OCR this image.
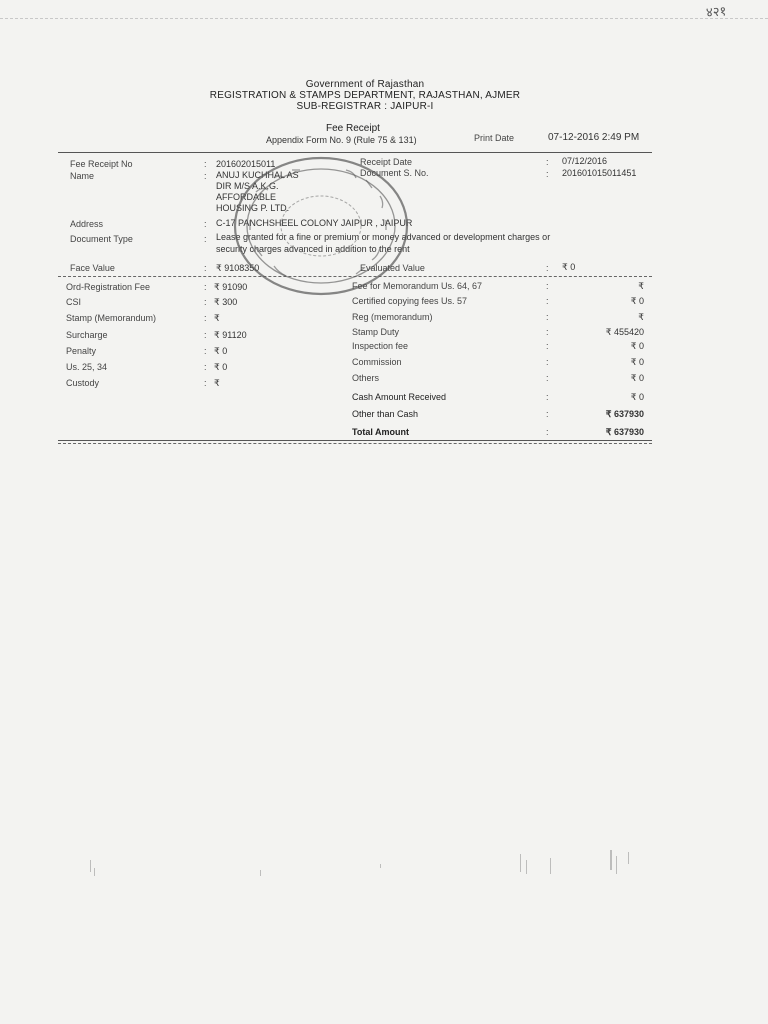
४२१
Government of Rajasthan
REGISTRATION & STAMPS DEPARTMENT, RAJASTHAN, AJMER
SUB-REGISTRAR : JAIPUR-I
Fee Receipt
Appendix Form No. 9 (Rule 75 & 131)	Print Date	07-12-2016 2:49 PM
Fee Receipt No	: 201602015011	Receipt Date	: 07/12/2016
Name	: ANUJ KUCHHAL AS
DIR M/S A.K.G.
AFFORDABLE
HOUSING P. LTD.
Document S. No.	: 201601015011451
Address	: C-17 PANCHSHEEL COLONY JAIPUR , JAIPUR
Document Type	: Lease granted for a fine or premium or money advanced or development charges or
security charges advanced in addition to the rent
Face Value	: ₹ 9108350	Evaluated Value	: ₹ 0
Ord-Registration Fee	: ₹ 91090
CSI	: ₹ 300
Stamp (Memorandum)	: ₹
Surcharge	: ₹ 91120
Penalty	: ₹ 0
Us. 25, 34	: ₹ 0
Custody	: ₹
Fee for Memorandum Us. 64, 67	:	₹
Certified copying fees Us. 57	:	₹ 0
Reg (memorandum)	:	₹
Stamp Duty	:	₹ 455420
Inspection fee	:	₹ 0
Commission	:	₹ 0
Others	:	₹ 0
Cash Amount Received	:	₹ 0
Other than Cash	:	₹ 637930
Total Amount	:	₹ 637930
